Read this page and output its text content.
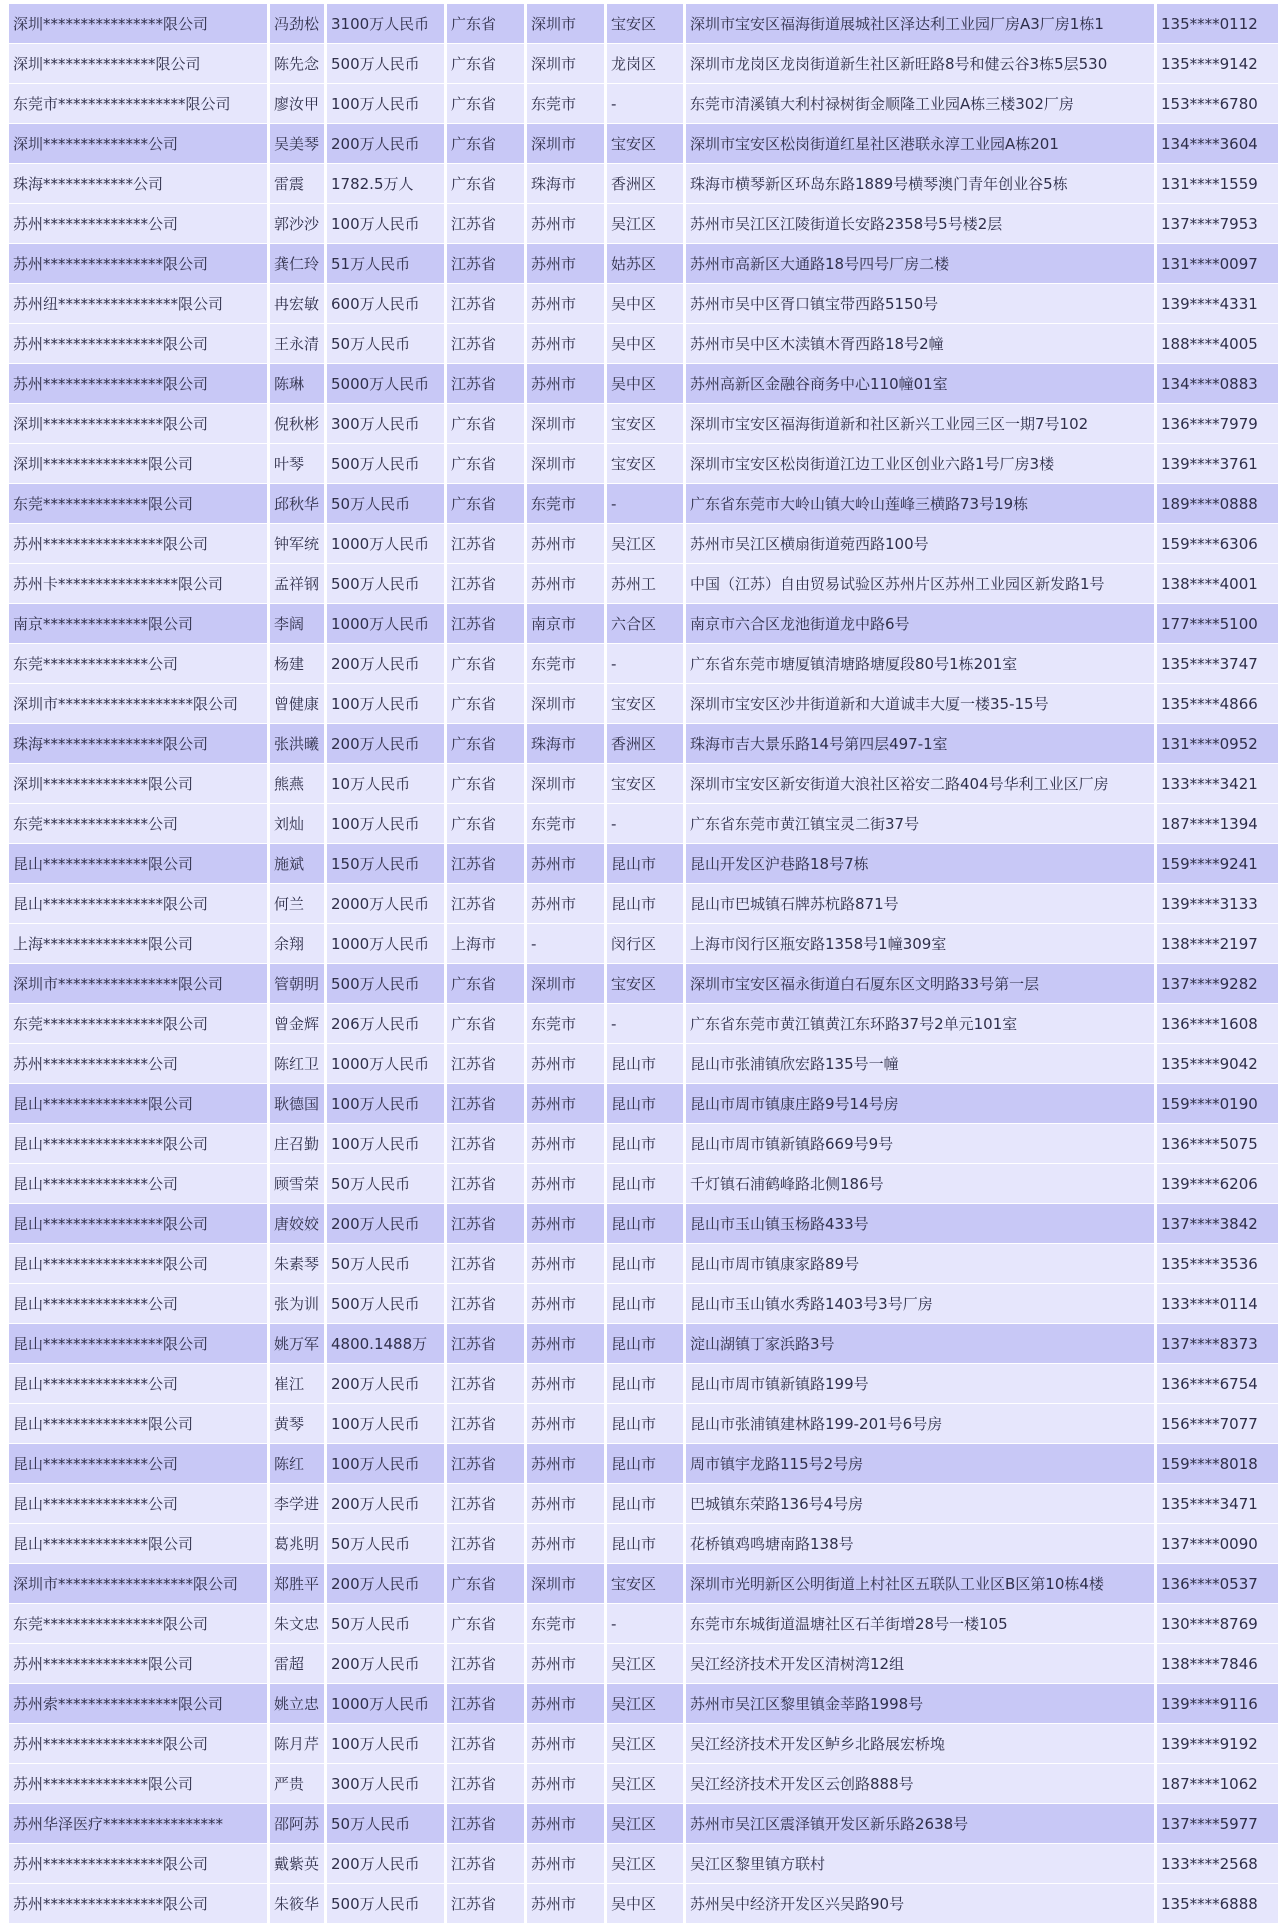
深圳****************限公司	冯劲松	3100万人民币	广东省	深圳市	宝安区	深圳市宝安区福海街道展城社区泽达利工业园厂房A3厂房1栋1	135****0112
深圳***************限公司	陈先念	500万人民币	广东省	深圳市	龙岗区	深圳市龙岗区龙岗街道新生社区新旺路8号和健云谷3栋5层530	135****9142
东莞市*****************限公司	廖汝甲	100万人民币	广东省	东莞市	-	东莞市清溪镇大利村禄树街金顺隆工业园A栋三楼302厂房	153****6780
深圳**************公司	吴美琴	200万人民币	广东省	深圳市	宝安区	深圳市宝安区松岗街道红星社区港联永淳工业园A栋201	134****3604
珠海************公司	雷震	1782.5万人	广东省	珠海市	香洲区	珠海市横琴新区环岛东路1889号横琴澳门青年创业谷5栋	131****1559
苏州**************公司	郭沙沙	100万人民币	江苏省	苏州市	吴江区	苏州市吴江区江陵街道长安路2358号5号楼2层	137****7953
苏州****************限公司	龚仁玲	51万人民币	江苏省	苏州市	姑苏区	苏州市高新区大通路18号四号厂房二楼	131****0097
苏州纽****************限公司	冉宏敏	600万人民币	江苏省	苏州市	吴中区	苏州市吴中区胥口镇宝带西路5150号	139****4331
苏州****************限公司	王永清	50万人民币	江苏省	苏州市	吴中区	苏州市吴中区木渎镇木胥西路18号2幢	188****4005
苏州****************限公司	陈琳	5000万人民币	江苏省	苏州市	吴中区	苏州高新区金融谷商务中心110幢01室	134****0883
深圳****************限公司	倪秋彬	300万人民币	广东省	深圳市	宝安区	深圳市宝安区福海街道新和社区新兴工业园三区一期7号102	136****7979
深圳**************限公司	叶琴	500万人民币	广东省	深圳市	宝安区	深圳市宝安区松岗街道江边工业区创业六路1号厂房3楼	139****3761
东莞**************限公司	邱秋华	50万人民币	广东省	东莞市	-	广东省东莞市大岭山镇大岭山莲峰三横路73号19栋	189****0888
苏州****************限公司	钟军统	1000万人民币	江苏省	苏州市	吴江区	苏州市吴江区横扇街道菀西路100号	159****6306
苏州卡****************限公司	孟祥钢	500万人民币	江苏省	苏州市	苏州工	中国（江苏）自由贸易试验区苏州片区苏州工业园区新发路1号	138****4001
南京**************限公司	李阔	1000万人民币	江苏省	南京市	六合区	南京市六合区龙池街道龙中路6号	177****5100
东莞**************公司	杨建	200万人民币	广东省	东莞市	-	广东省东莞市塘厦镇清塘路塘厦段80号1栋201室	135****3747
深圳市******************限公司	曾健康	100万人民币	广东省	深圳市	宝安区	深圳市宝安区沙井街道新和大道诚丰大厦一楼35-15号	135****4866
珠海****************限公司	张洪曦	200万人民币	广东省	珠海市	香洲区	珠海市吉大景乐路14号第四层497-1室	131****0952
深圳**************限公司	熊燕	10万人民币	广东省	深圳市	宝安区	深圳市宝安区新安街道大浪社区裕安二路404号华利工业区厂房	133****3421
东莞**************公司	刘灿	100万人民币	广东省	东莞市	-	广东省东莞市黄江镇宝灵二街37号	187****1394
昆山**************限公司	施斌	150万人民币	江苏省	苏州市	昆山市	昆山开发区沪巷路18号7栋	159****9241
昆山****************限公司	何兰	2000万人民币	江苏省	苏州市	昆山市	昆山市巴城镇石牌苏杭路871号	139****3133
上海**************限公司	余翔	1000万人民币	上海市	-	闵行区	上海市闵行区瓶安路1358号1幢309室	138****2197
深圳市****************限公司	管朝明	500万人民币	广东省	深圳市	宝安区	深圳市宝安区福永街道白石厦东区文明路33号第一层	137****9282
东莞****************限公司	曾金辉	206万人民币	广东省	东莞市	-	广东省东莞市黄江镇黄江东环路37号2单元101室	136****1608
苏州**************公司	陈红卫	1000万人民币	江苏省	苏州市	昆山市	昆山市张浦镇欣宏路135号一幢	135****9042
昆山**************限公司	耿德国	100万人民币	江苏省	苏州市	昆山市	昆山市周市镇康庄路9号14号房	159****0190
昆山****************限公司	庄召勤	100万人民币	江苏省	苏州市	昆山市	昆山市周市镇新镇路669号9号	136****5075
昆山**************公司	顾雪荣	50万人民币	江苏省	苏州市	昆山市	千灯镇石浦鹤峰路北侧186号	139****6206
昆山****************限公司	唐姣姣	200万人民币	江苏省	苏州市	昆山市	昆山市玉山镇玉杨路433号	137****3842
昆山****************限公司	朱素琴	50万人民币	江苏省	苏州市	昆山市	昆山市周市镇康家路89号	135****3536
昆山**************公司	张为训	500万人民币	江苏省	苏州市	昆山市	昆山市玉山镇水秀路1403号3号厂房	133****0114
昆山****************限公司	姚万军	4800.1488万	江苏省	苏州市	昆山市	淀山湖镇丁家浜路3号	137****8373
昆山**************公司	崔江	200万人民币	江苏省	苏州市	昆山市	昆山市周市镇新镇路199号	136****6754
昆山**************限公司	黄琴	100万人民币	江苏省	苏州市	昆山市	昆山市张浦镇建林路199-201号6号房	156****7077
昆山**************公司	陈红	100万人民币	江苏省	苏州市	昆山市	周市镇宇龙路115号2号房	159****8018
昆山**************公司	李学进	200万人民币	江苏省	苏州市	昆山市	巴城镇东荣路136号4号房	135****3471
昆山**************限公司	葛兆明	50万人民币	江苏省	苏州市	昆山市	花桥镇鸡鸣塘南路138号	137****0090
深圳市******************限公司	郑胜平	200万人民币	广东省	深圳市	宝安区	深圳市光明新区公明街道上村社区五联队工业区B区第10栋4楼	136****0537
东莞****************限公司	朱文忠	50万人民币	广东省	东莞市	-	东莞市东城街道温塘社区石羊街增28号一楼105	130****8769
苏州**************限公司	雷超	200万人民币	江苏省	苏州市	吴江区	吴江经济技术开发区清树湾12组	138****7846
苏州索****************限公司	姚立忠	1000万人民币	江苏省	苏州市	吴江区	苏州市吴江区黎里镇金莘路1998号	139****9116
苏州****************限公司	陈月芹	100万人民币	江苏省	苏州市	吴江区	吴江经济技术开发区鲈乡北路展宏桥堍	139****9192
苏州**************限公司	严贵	300万人民币	江苏省	苏州市	吴江区	吴江经济技术开发区云创路888号	187****1062
苏州华泽医疗****************	邵阿苏	50万人民币	江苏省	苏州市	吴江区	苏州市吴江区震泽镇开发区新乐路2638号	137****5977
苏州****************限公司	戴紫英	200万人民币	江苏省	苏州市	吴江区	吴江区黎里镇方联村	133****2568
苏州****************限公司	朱筱华	500万人民币	江苏省	苏州市	吴中区	苏州吴中经济开发区兴吴路90号	135****6888
